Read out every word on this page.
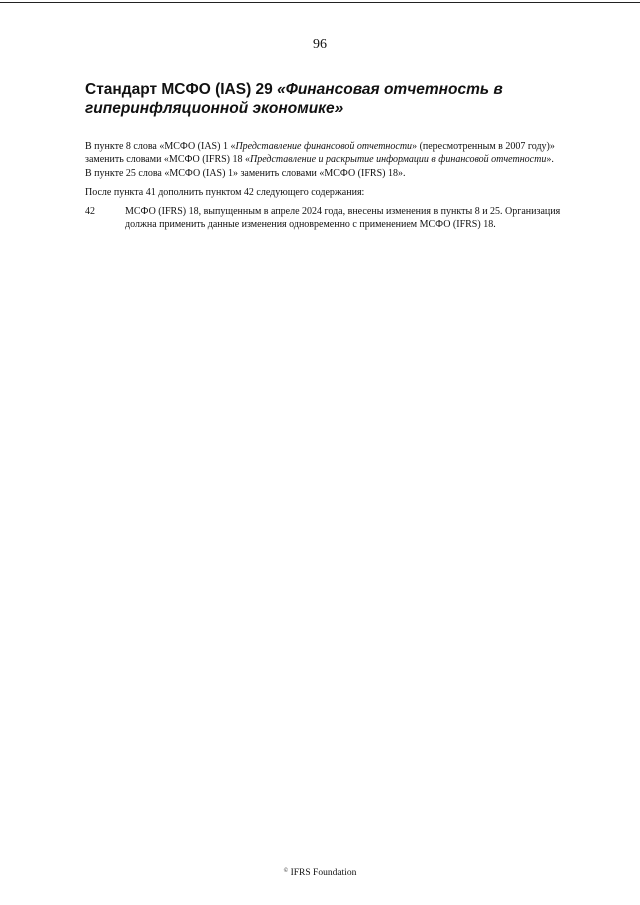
96
Стандарт МСФО (IAS) 29 «Финансовая отчетность в гиперинфляционной экономике»
В пункте 8 слова «МСФО (IAS) 1 «Представление финансовой отчетности» (пересмотренным в 2007 году)» заменить словами «МСФО (IFRS) 18 «Представление и раскрытие информации в финансовой отчетности».
В пункте 25 слова «МСФО (IAS) 1» заменить словами «МСФО (IFRS) 18».
После пункта 41 дополнить пунктом 42 следующего содержания:
42	МСФО (IFRS) 18, выпущенным в апреле 2024 года, внесены изменения в пункты 8 и 25. Организация должна применить данные изменения одновременно с применением МСФО (IFRS) 18.
© IFRS Foundation
